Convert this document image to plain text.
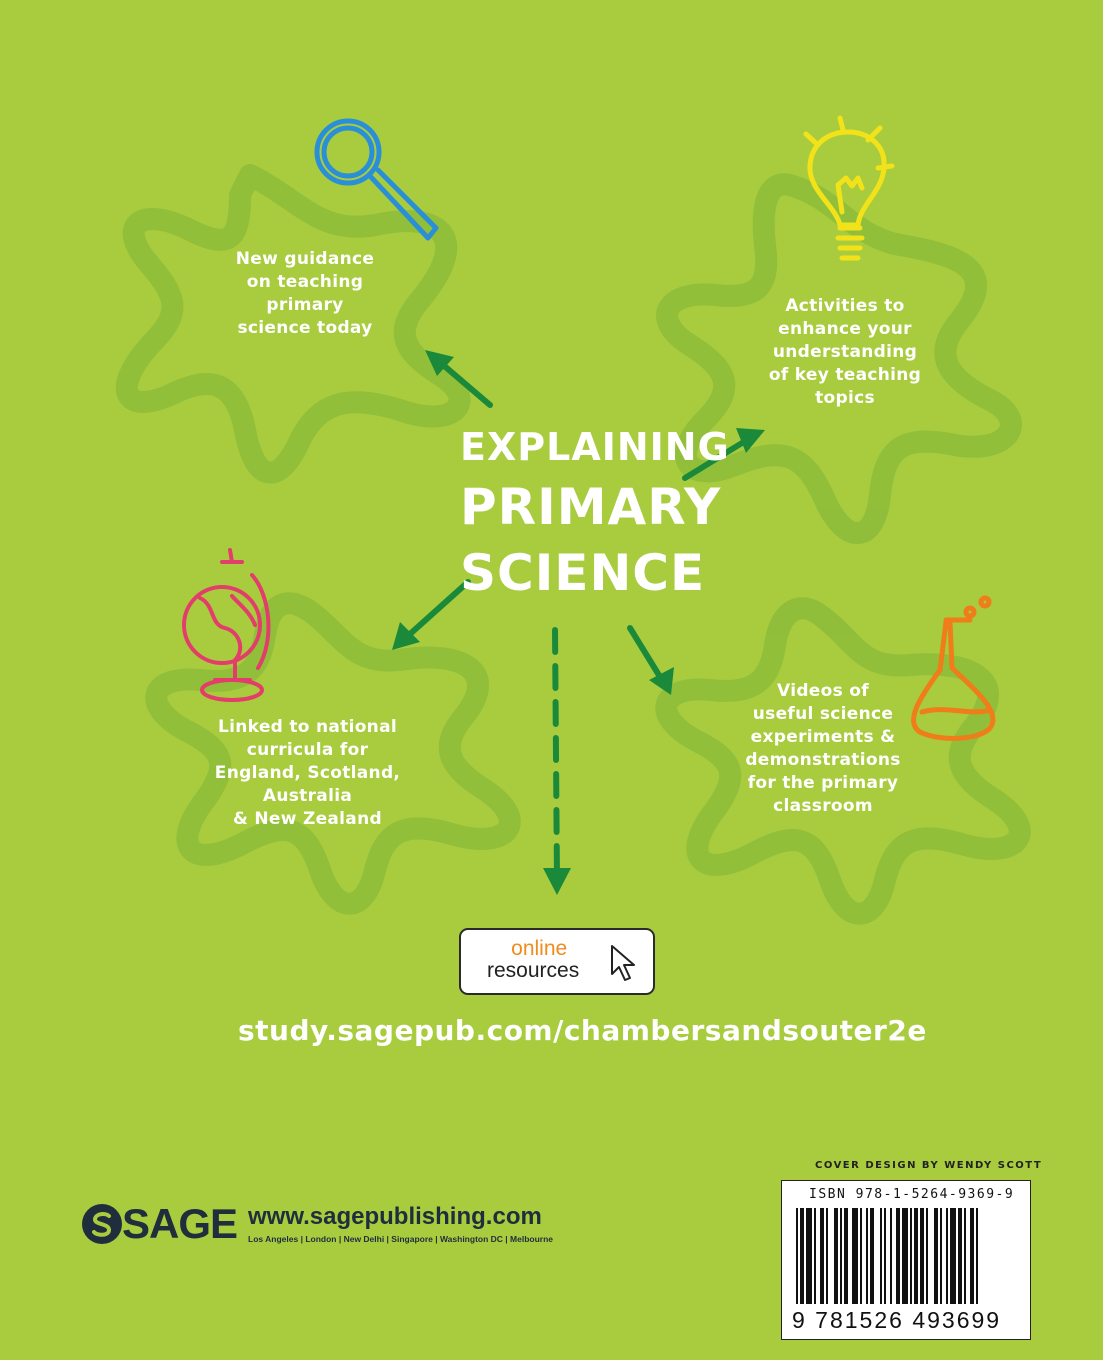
EXPLAINING
PRIMARY
SCIENCE
New guidance
on teaching
primary
science today
Activities to
enhance your
understanding
of key teaching
topics
Linked to national
curricula for
England, Scotland,
Australia
& New Zealand
Videos of
useful science
experiments &
demonstrations
for the primary
classroom
online
resources
study.sagepub.com/chambersandsouter2e
COVER DESIGN BY WENDY SCOTT
ISBN 978-1-5264-9369-9
9 781526 493699
SAGE www.sagepublishing.com
Los Angeles | London | New Delhi | Singapore | Washington DC | Melbourne
